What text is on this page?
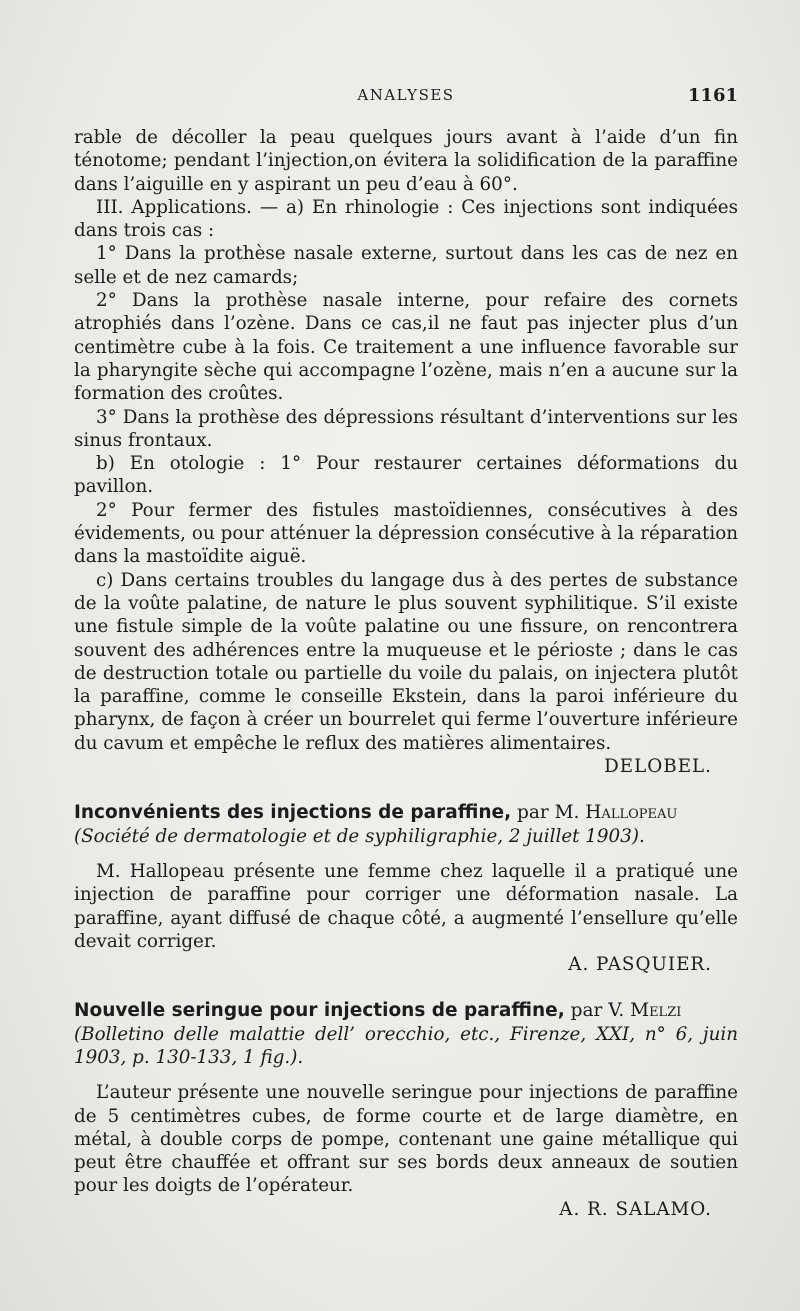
ANALYSES	1161

rable de décoller la peau quelques jours avant à l’aide d’un fin ténotome; pendant l’injection,on évitera la solidification de la paraffine dans l’aiguille en y aspirant un peu d’eau à 60°.

III. Applications. — a) En rhinologie : Ces injections sont indiquées dans trois cas :

1° Dans la prothèse nasale externe, surtout dans les cas de nez en selle et de nez camards;

2° Dans la prothèse nasale interne, pour refaire des cornets atrophiés dans l’ozène. Dans ce cas,il ne faut pas injecter plus d’un centimètre cube à la fois. Ce traitement a une influence favorable sur la pharyngite sèche qui accompagne l’ozène, mais n’en a aucune sur la formation des croûtes.

3° Dans la prothèse des dépressions résultant d’interventions sur les sinus frontaux.

b) En otologie : 1° Pour restaurer certaines déformations du pavillon.

2° Pour fermer des fistules mastoïdiennes, consécutives à des évidements, ou pour atténuer la dépression consécutive à la réparation dans la mastoïdite aiguë.

c) Dans certains troubles du langage dus à des pertes de substance de la voûte palatine, de nature le plus souvent syphilitique. S’il existe une fistule simple de la voûte palatine ou une fissure, on rencontrera souvent des adhérences entre la muqueuse et le périoste ; dans le cas de destruction totale ou partielle du voile du palais, on injectera plutôt la paraffine, comme le conseille Ekstein, dans la paroi inférieure du pharynx, de façon à créer un bourrelet qui ferme l’ouverture inférieure du cavum et empêche le reflux des matières alimentaires.

DELOBEL.

Inconvénients des injections de paraffine, par M. Hallopeau

(Société de dermatologie et de syphiligraphie, 2 juillet 1903).

M. Hallopeau présente une femme chez laquelle il a pratiqué une injection de paraffine pour corriger une déformation nasale. La paraffine, ayant diffusé de chaque côté, a augmenté l’ensellure qu’elle devait corriger.

A. PASQUIER.

Nouvelle seringue pour injections de paraffine, par V. Melzi

(Bolletino delle malattie dell’ orecchio, etc., Firenze, XXI, n° 6, juin 1903, p. 130-133, 1 fig.).

L’auteur présente une nouvelle seringue pour injections de paraffine de 5 centimètres cubes, de forme courte et de large diamètre, en métal, à double corps de pompe, contenant une gaine métallique qui peut être chauffée et offrant sur ses bords deux anneaux de soutien pour les doigts de l’opérateur.

A. R. SALAMO.
